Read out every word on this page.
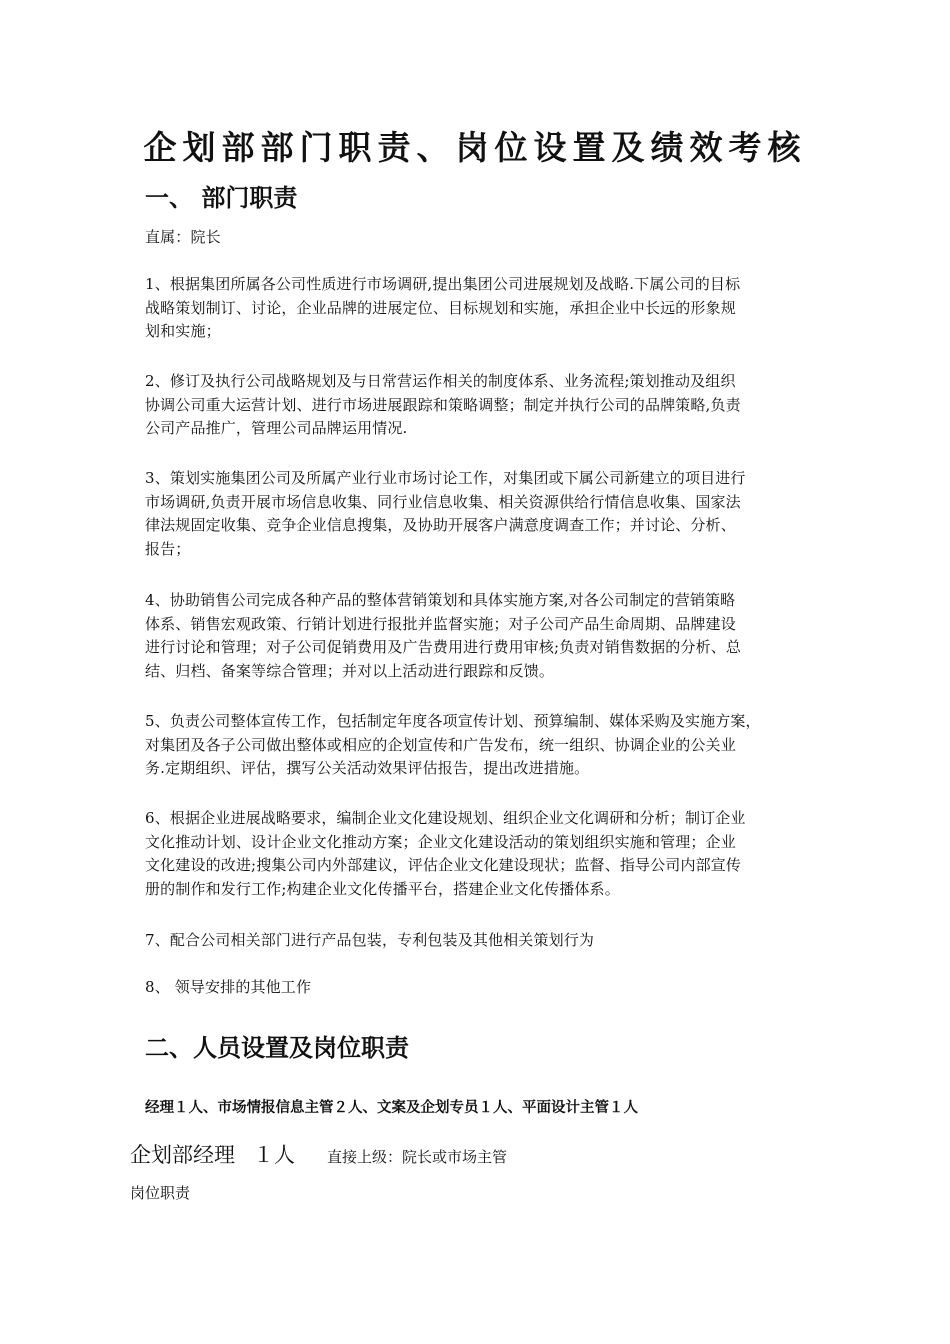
企划部部门职责、岗位设置及绩效考核
一、 部门职责
直属：院长
1、根据集团所属各公司性质进行市场调研,提出集团公司进展规划及战略.下属公司的目标
战略策划制订、讨论，企业品牌的进展定位、目标规划和实施，承担企业中长远的形象规
划和实施；
2、修订及执行公司战略规划及与日常营运作相关的制度体系、业务流程;策划推动及组织
协调公司重大运营计划、进行市场进展跟踪和策略调整；制定并执行公司的品牌策略,负责
公司产品推广，管理公司品牌运用情况.
3、策划实施集团公司及所属产业行业市场讨论工作，对集团或下属公司新建立的项目进行
市场调研,负责开展市场信息收集、同行业信息收集、相关资源供给行情信息收集、国家法
律法规固定收集、竞争企业信息搜集，及协助开展客户满意度调查工作；并讨论、分析、
报告；
4、协助销售公司完成各种产品的整体营销策划和具体实施方案,对各公司制定的营销策略
体系、销售宏观政策、行销计划进行报批并监督实施；对子公司产品生命周期、品牌建设
进行讨论和管理；对子公司促销费用及广告费用进行费用审核;负责对销售数据的分析、总
结、归档、备案等综合管理；并对以上活动进行跟踪和反馈。
5、负责公司整体宣传工作，包括制定年度各项宣传计划、预算编制、媒体采购及实施方案，
对集团及各子公司做出整体或相应的企划宣传和广告发布，统一组织、协调企业的公关业
务.定期组织、评估，撰写公关活动效果评估报告，提出改进措施。
6、根据企业进展战略要求，编制企业文化建设规划、组织企业文化调研和分析；制订企业
文化推动计划、设计企业文化推动方案；企业文化建设活动的策划组织实施和管理；企业
文化建设的改进;搜集公司内外部建议，评估企业文化建设现状；监督、指导公司内部宣传
册的制作和发行工作;构建企业文化传播平台，搭建企业文化传播体系。
7、配合公司相关部门进行产品包装，专利包装及其他相关策划行为
8、 领导安排的其他工作
二、人员设置及岗位职责
经理１人、市场情报信息主管２人、文案及企划专员１人、平面设计主管１人
企划部经理 １人 直接上级：院长或市场主管
岗位职责
